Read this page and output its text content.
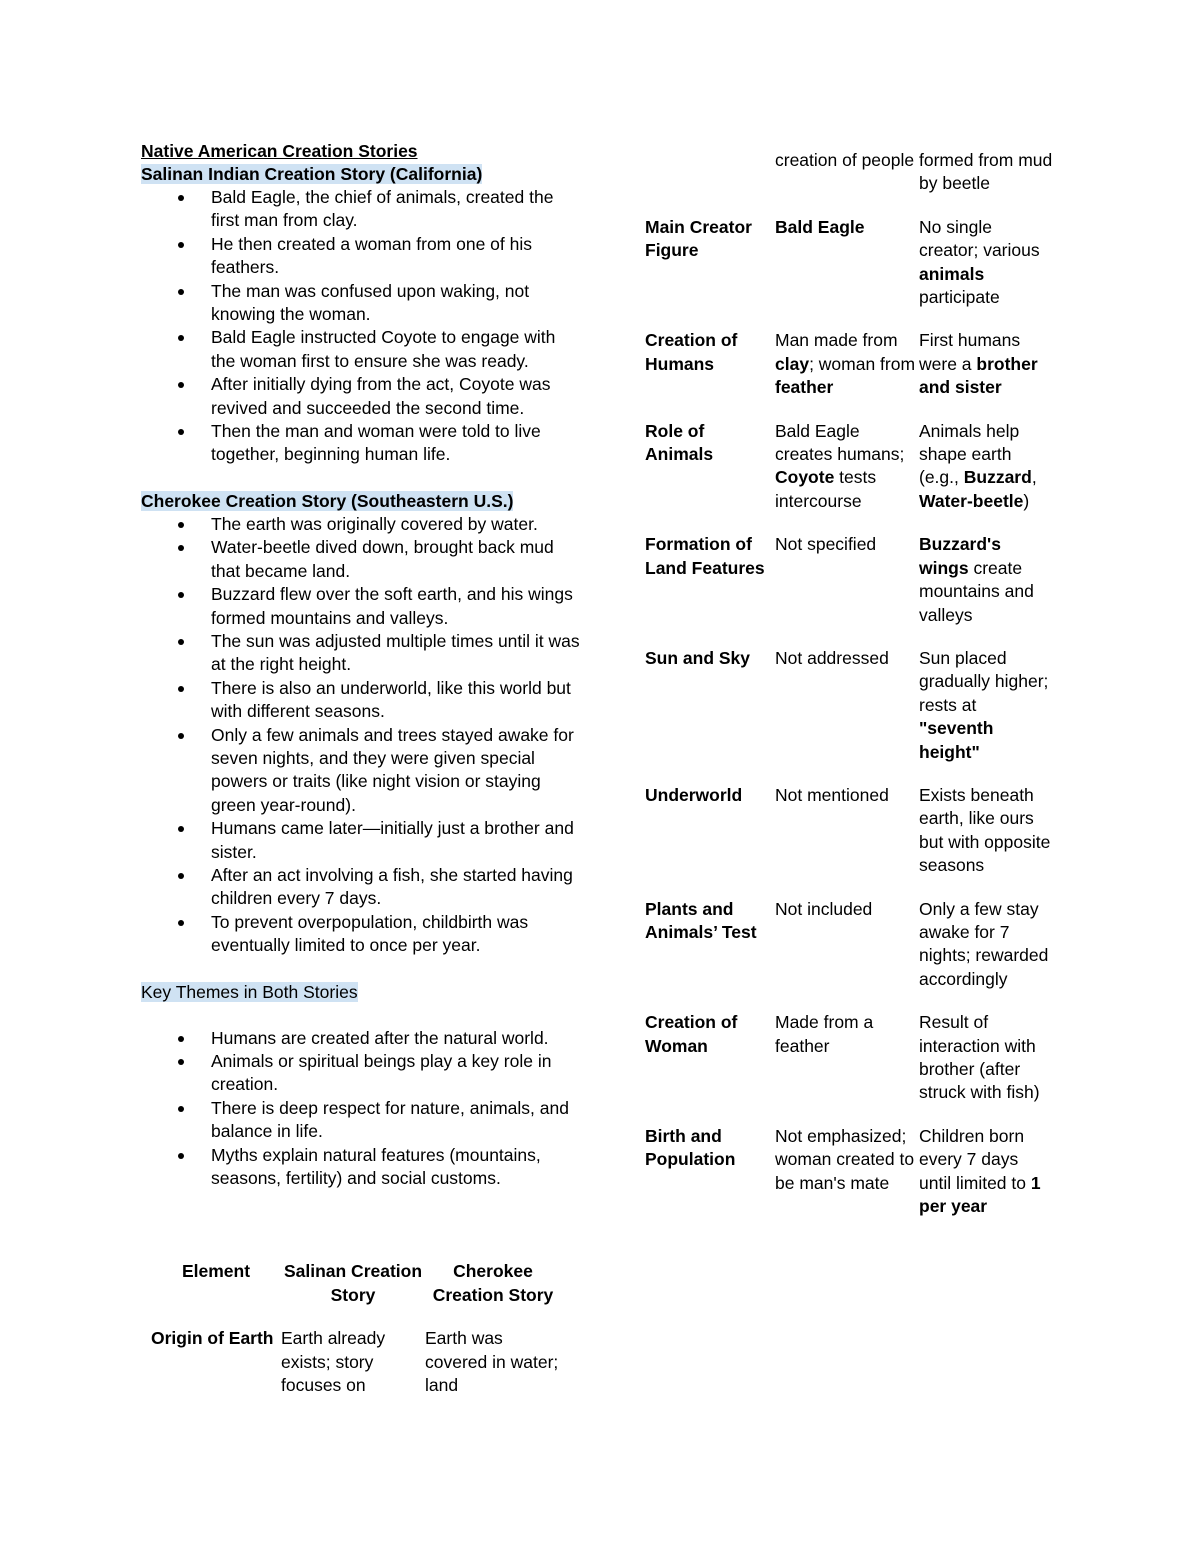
Native American Creation Stories

Salinan Indian Creation Story (California)

Bald Eagle, the chief of animals, created the first man from clay.
He then created a woman from one of his feathers.
The man was confused upon waking, not knowing the woman.
Bald Eagle instructed Coyote to engage with the woman first to ensure she was ready.
After initially dying from the act, Coyote was revived and succeeded the second time.
Then the man and woman were told to live together, beginning human life.

Cherokee Creation Story (Southeastern U.S.)

The earth was originally covered by water.
Water-beetle dived down, brought back mud that became land.
Buzzard flew over the soft earth, and his wings formed mountains and valleys.
The sun was adjusted multiple times until it was at the right height.
There is also an underworld, like this world but with different seasons.
Only a few animals and trees stayed awake for seven nights, and they were given special powers or traits (like night vision or staying green year-round).
Humans came later—initially just a brother and sister.
After an act involving a fish, she started having children every 7 days.
To prevent overpopulation, childbirth was eventually limited to once per year.

Key Themes in Both Stories

Humans are created after the natural world.
Animals or spiritual beings play a key role in creation.
There is deep respect for nature, animals, and balance in life.
Myths explain natural features (mountains, seasons, fertility) and social customs.
Element	Salinan Creation Story	Cherokee Creation Story
Origin of Earth	Earth already exists; story focuses on	Earth was covered in water; land
	creation of people	formed from mud by beetle

Main Creator Figure	Bald Eagle	No single creator; various animals participate

Creation of Humans	Man made from clay; woman from feather	First humans were a brother and sister

Role of Animals	Bald Eagle creates humans; Coyote tests intercourse	Animals help shape earth (e.g., Buzzard, Water-beetle)

Formation of Land Features	Not specified	Buzzard's wings create mountains and valleys

Sun and Sky	Not addressed	Sun placed gradually higher; rests at "seventh height"

Underworld	Not mentioned	Exists beneath earth, like ours but with opposite seasons

Plants and Animals’ Test	Not included	Only a few stay awake for 7 nights; rewarded accordingly

Creation of Woman	Made from a feather	Result of interaction with brother (after struck with fish)

Birth and Population	Not emphasized; woman created to be man's mate	Children born every 7 days until limited to 1 per year
